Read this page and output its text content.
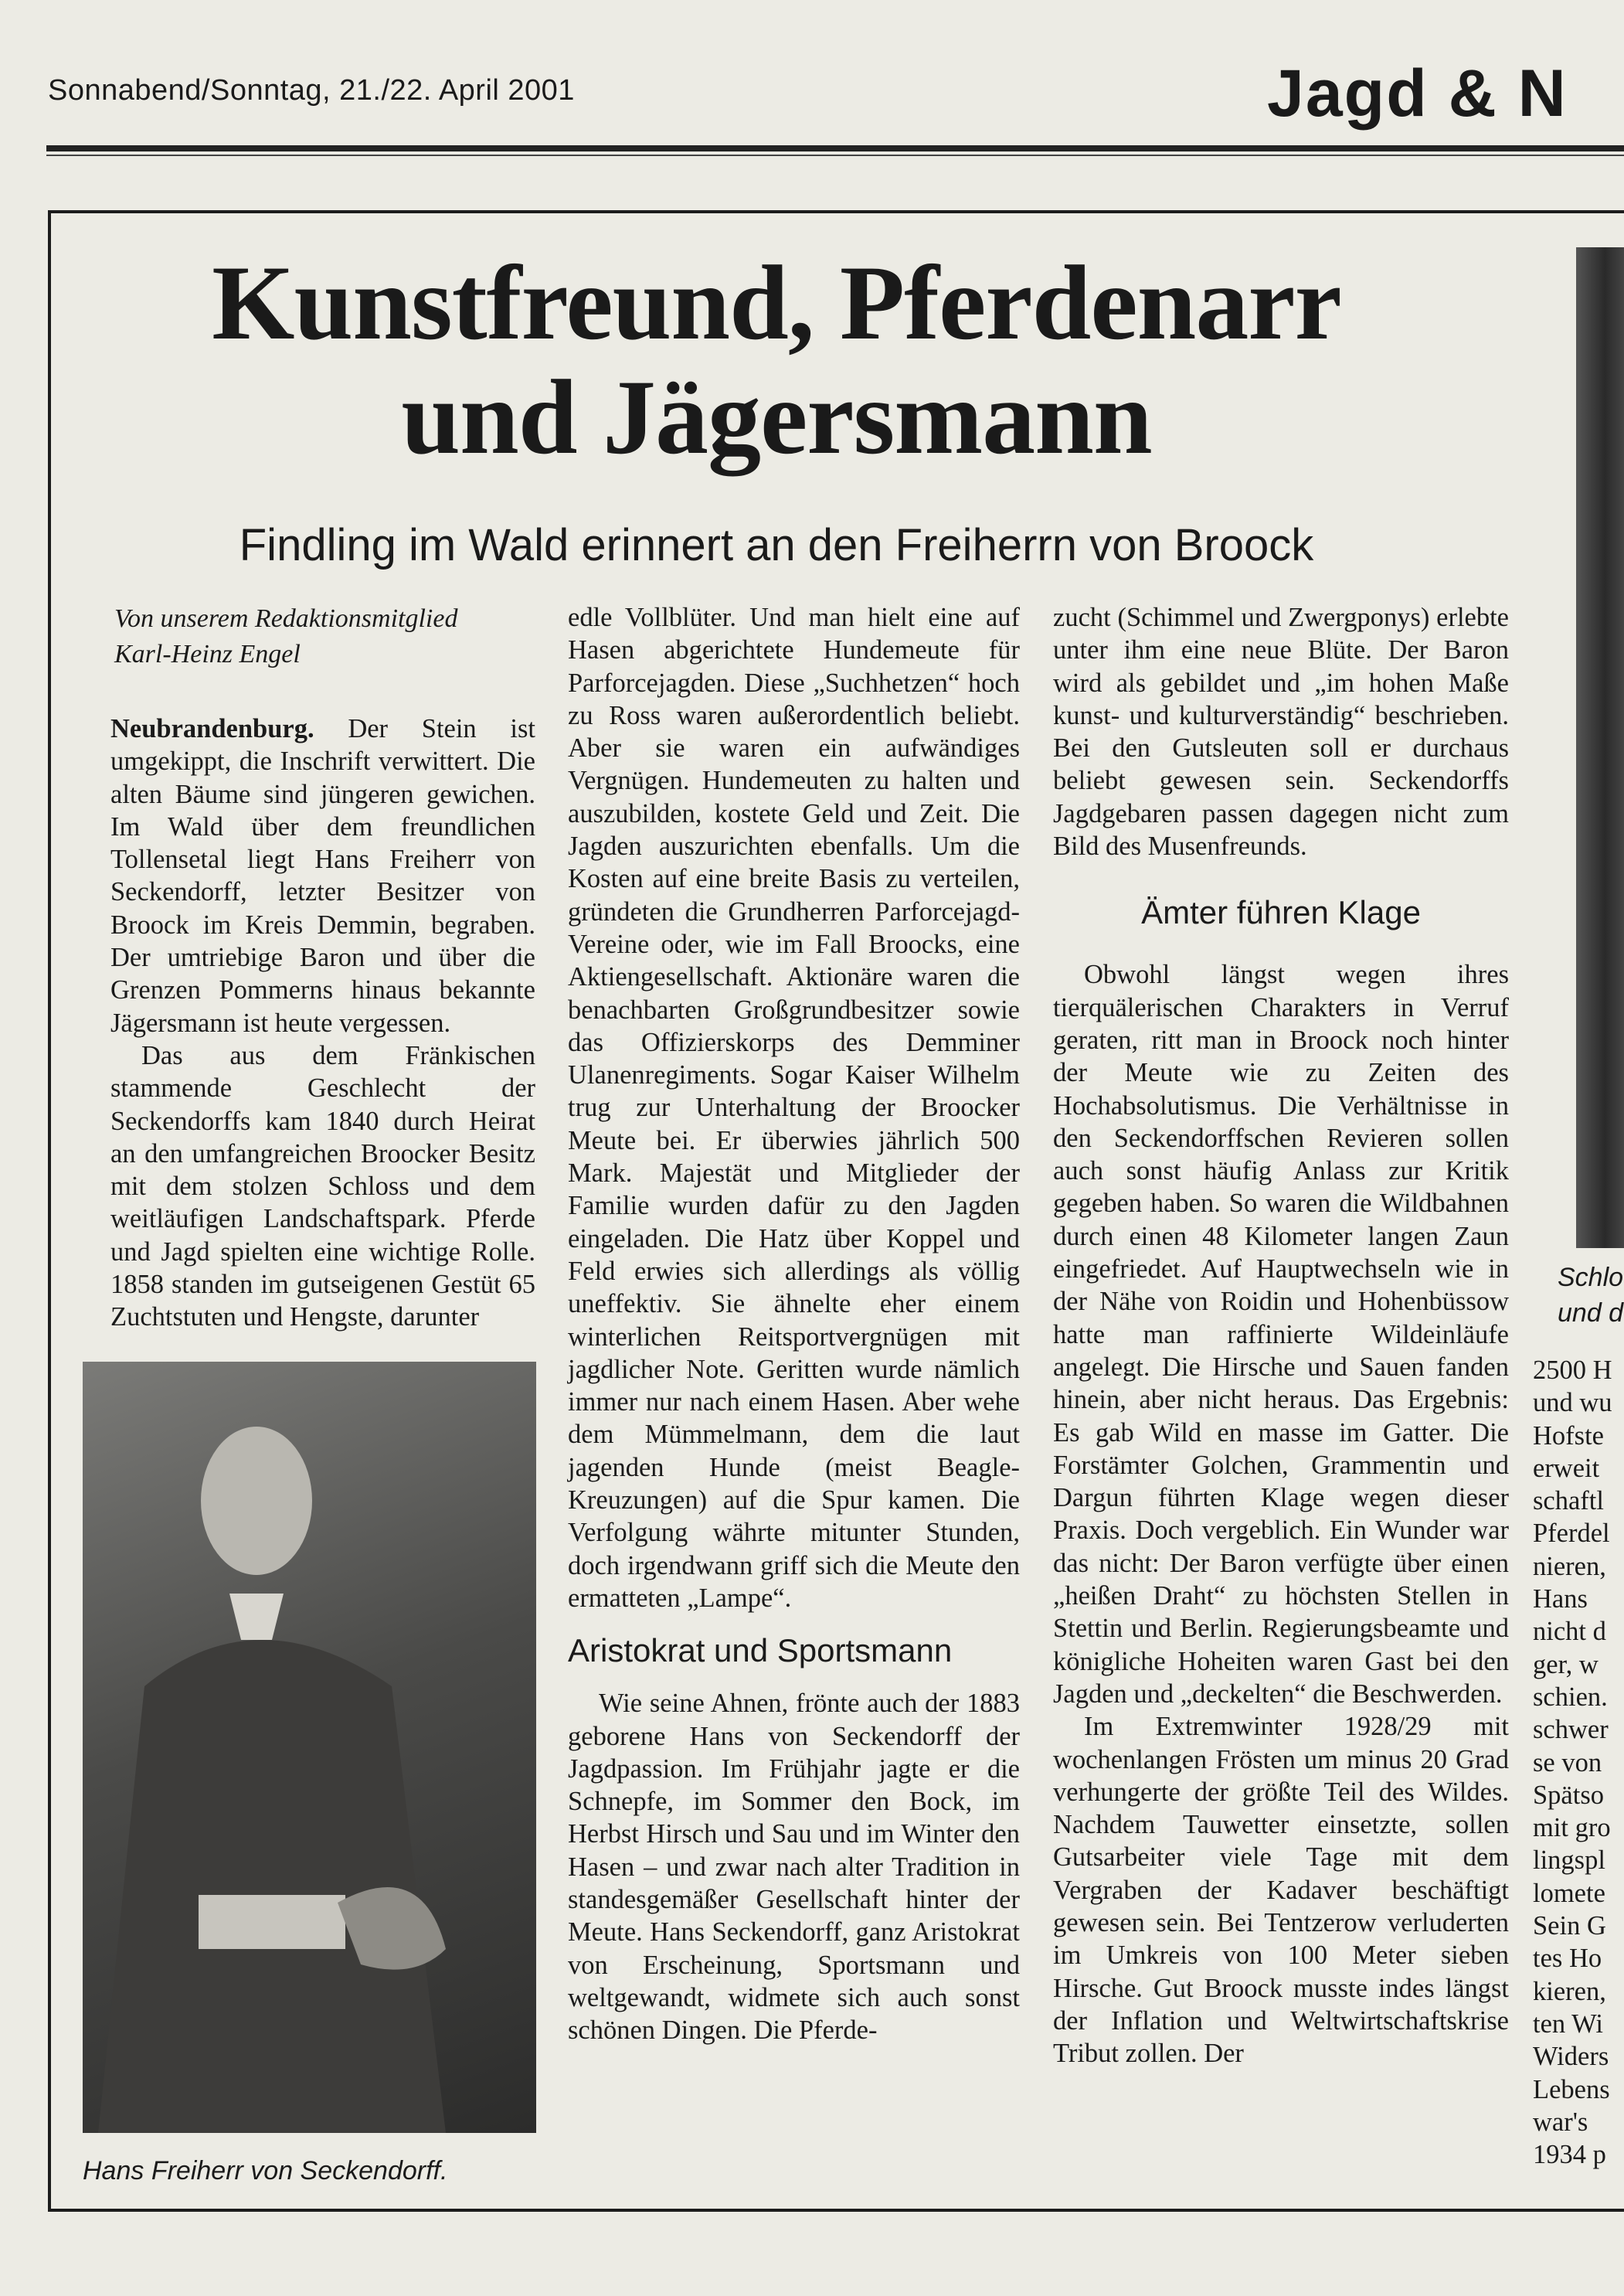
Sonnabend/Sonntag, 21./22. April 2001	Jagd & N
Kunstfreund, Pferdenarr
und Jägersmann
Findling im Wald erinnert an den Freiherrn von Broock
Von unserem Redaktionsmitglied
Karl-Heinz Engel

Neubrandenburg. Der Stein ist umgekippt, die Inschrift verwittert. Die alten Bäume sind jüngeren gewichen. Im Wald über dem freundlichen Tollensetal liegt Hans Freiherr von Seckendorff, letzter Besitzer von Broock im Kreis Demmin, begraben. Der umtriebige Baron und über die Grenzen Pommerns hinaus bekannte Jägersmann ist heute vergessen.

Das aus dem Fränkischen stammende Geschlecht der Seckendorffs kam 1840 durch Heirat an den umfangreichen Broocker Besitz mit dem stolzen Schloss und dem weitläufigen Landschaftspark. Pferde und Jagd spielten eine wichtige Rolle. 1858 standen im gutseigenen Gestüt 65 Zuchtstuten und Hengste, darunter

Hans Freiherr von Seckendorff.

edle Vollblüter. Und man hielt eine auf Hasen abgerichtete Hundemeute für Parforcejagden. Diese „Suchhetzen“ hoch zu Ross waren außerordentlich beliebt. Aber sie waren ein aufwändiges Vergnügen. Hundemeuten zu halten und auszubilden, kostete Geld und Zeit. Die Jagden auszurichten ebenfalls. Um die Kosten auf eine breite Basis zu verteilen, gründeten die Grundherren Parforcejagd-Vereine oder, wie im Fall Broocks, eine Aktiengesellschaft. Aktionäre waren die benachbarten Großgrundbesitzer sowie das Offizierskorps des Demminer Ulanenregiments. Sogar Kaiser Wilhelm trug zur Unterhaltung der Broocker Meute bei. Er überwies jährlich 500 Mark. Majestät und Mitglieder der Familie wurden dafür zu den Jagden eingeladen. Die Hatz über Koppel und Feld erwies sich allerdings als völlig uneffektiv. Sie ähnelte eher einem winterlichen Reitsportvergnügen mit jagdlicher Note. Geritten wurde nämlich immer nur nach einem Hasen. Aber wehe dem Mümmelmann, dem die laut jagenden Hunde (meist Beagle-Kreuzungen) auf die Spur kamen. Die Verfolgung währte mitunter Stunden, doch irgendwann griff sich die Meute den ermatteten „Lampe“.

Aristokrat und Sportsmann

Wie seine Ahnen, frönte auch der 1883 geborene Hans von Seckendorff der Jagdpassion. Im Frühjahr jagte er die Schnepfe, im Sommer den Bock, im Herbst Hirsch und Sau und im Winter den Hasen – und zwar nach alter Tradition in standesgemäßer Gesellschaft hinter der Meute. Hans Seckendorff, ganz Aristokrat von Erscheinung, Sportsmann und weltgewandt, widmete sich auch sonst schönen Dingen. Die Pferde-

zucht (Schimmel und Zwergponys) erlebte unter ihm eine neue Blüte. Der Baron wird als gebildet und „im hohen Maße kunst- und kulturverständig“ beschrieben. Bei den Gutsleuten soll er durchaus beliebt gewesen sein. Seckendorffs Jagdgebaren passen dagegen nicht zum Bild des Musenfreunds.

Ämter führen Klage

Obwohl längst wegen ihres tierquälerischen Charakters in Verruf geraten, ritt man in Broock noch hinter der Meute wie zu Zeiten des Hochabsolutismus. Die Verhältnisse in den Seckendorffschen Revieren sollen auch sonst häufig Anlass zur Kritik gegeben haben. So waren die Wildbahnen durch einen 48 Kilometer langen Zaun eingefriedet. Auf Hauptwechseln wie in der Nähe von Roidin und Hohenbüssow hatte man raffinierte Wildeinläufe angelegt. Die Hirsche und Sauen fanden hinein, aber nicht heraus. Das Ergebnis: Es gab Wild en masse im Gatter. Die Forstämter Golchen, Grammentin und Dargun führten Klage wegen dieser Praxis. Doch vergeblich. Ein Wunder war das nicht: Der Baron verfügte über einen „heißen Draht“ zu höchsten Stellen in Stettin und Berlin. Regierungsbeamte und königliche Hoheiten waren Gast bei den Jagden und „deckelten“ die Beschwerden.

Im Extremwinter 1928/29 mit wochenlangen Frösten um minus 20 Grad verhungerte der größte Teil des Wildes. Nachdem Tauwetter einsetzte, sollen Gutsarbeiter viele Tage mit dem Vergraben der Kadaver beschäftigt gewesen sein. Bei Tentzerow verluderten im Umkreis von 100 Meter sieben Hirsche. Gut Broock musste indes längst der Inflation und Weltwirtschaftskrise Tribut zollen. Der

Schlo
und d

2500 H

und wu

Hofste

erweit

schaftl

Pferdel

nieren,

Hans

nicht d

ger, w

schien.

schwer

se von

Spätso

mit gro

lingspl

lomete

Sein G

tes Ho

kieren,

ten Wi

Widers

Lebens

war's

1934 p
